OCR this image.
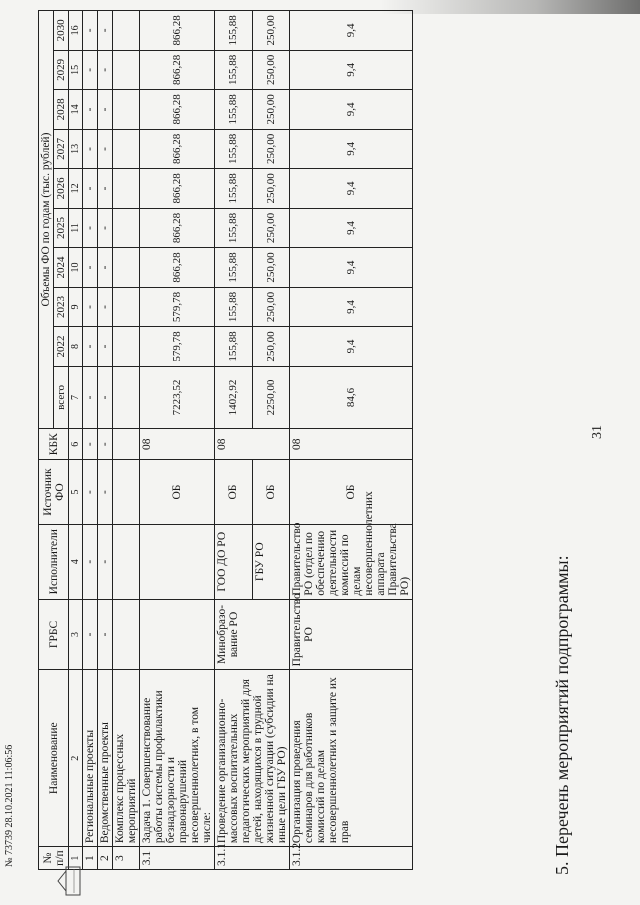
31
5. Перечень мероприятий подпрограммы:
№ п/п	Наименование	ГРБС	Исполнители	Источник ФО	КБК	Объемы ФО по годам (тыс. рублей)									
						всего	2022	2023	2024	2025	2026	2027	2028	2029	2030
1	2	3	4	5	6	7	8	9	10	11	12	13	14	15	16
1	Региональные проекты	-	-	-	-	-	-	-	-	-	-	-	-	-	-
2	Ведомственные проекты	-	-	-	-	-	-	-	-	-	-	-	-	-	-
3	Комплекс процессных мероприятий														
3.1	Задача 1. Совершенствование работы системы профилактики безнадзорности и правонарушений несовершеннолетних, в том числе:			ОБ	08	7223,52	579,78	579,78	866,28	866,28	866,28	866,28	866,28	866,28	866,28
3.1.1	Проведение организационно-массовых воспитательных педагогических мероприятий для детей, находящихся в трудной жизненной ситуации (субсидии на иные цели ГБУ РО)	Минобразо-вание РО	ГОО ДО РО	ОБ	08	1402,92	155,88	155,88	155,88	155,88	155,88	155,88	155,88	155,88	155,88
			ГБУ РО	ОБ		2250,00	250,00	250,00	250,00	250,00	250,00	250,00	250,00	250,00	250,00
3.1.2	Организация проведения семинаров для работников комиссий по делам несовершеннолетних и защите их прав	Правительство РО	Правительство РО (отдел по обеспечению деятельности комиссий по делам несовершеннолетних аппарата Правительства РО)	ОБ	08	84,6	9,4	9,4	9,4	9,4	9,4	9,4	9,4	9,4	9,4
№ 73739 28.10.2021 11:06:56
